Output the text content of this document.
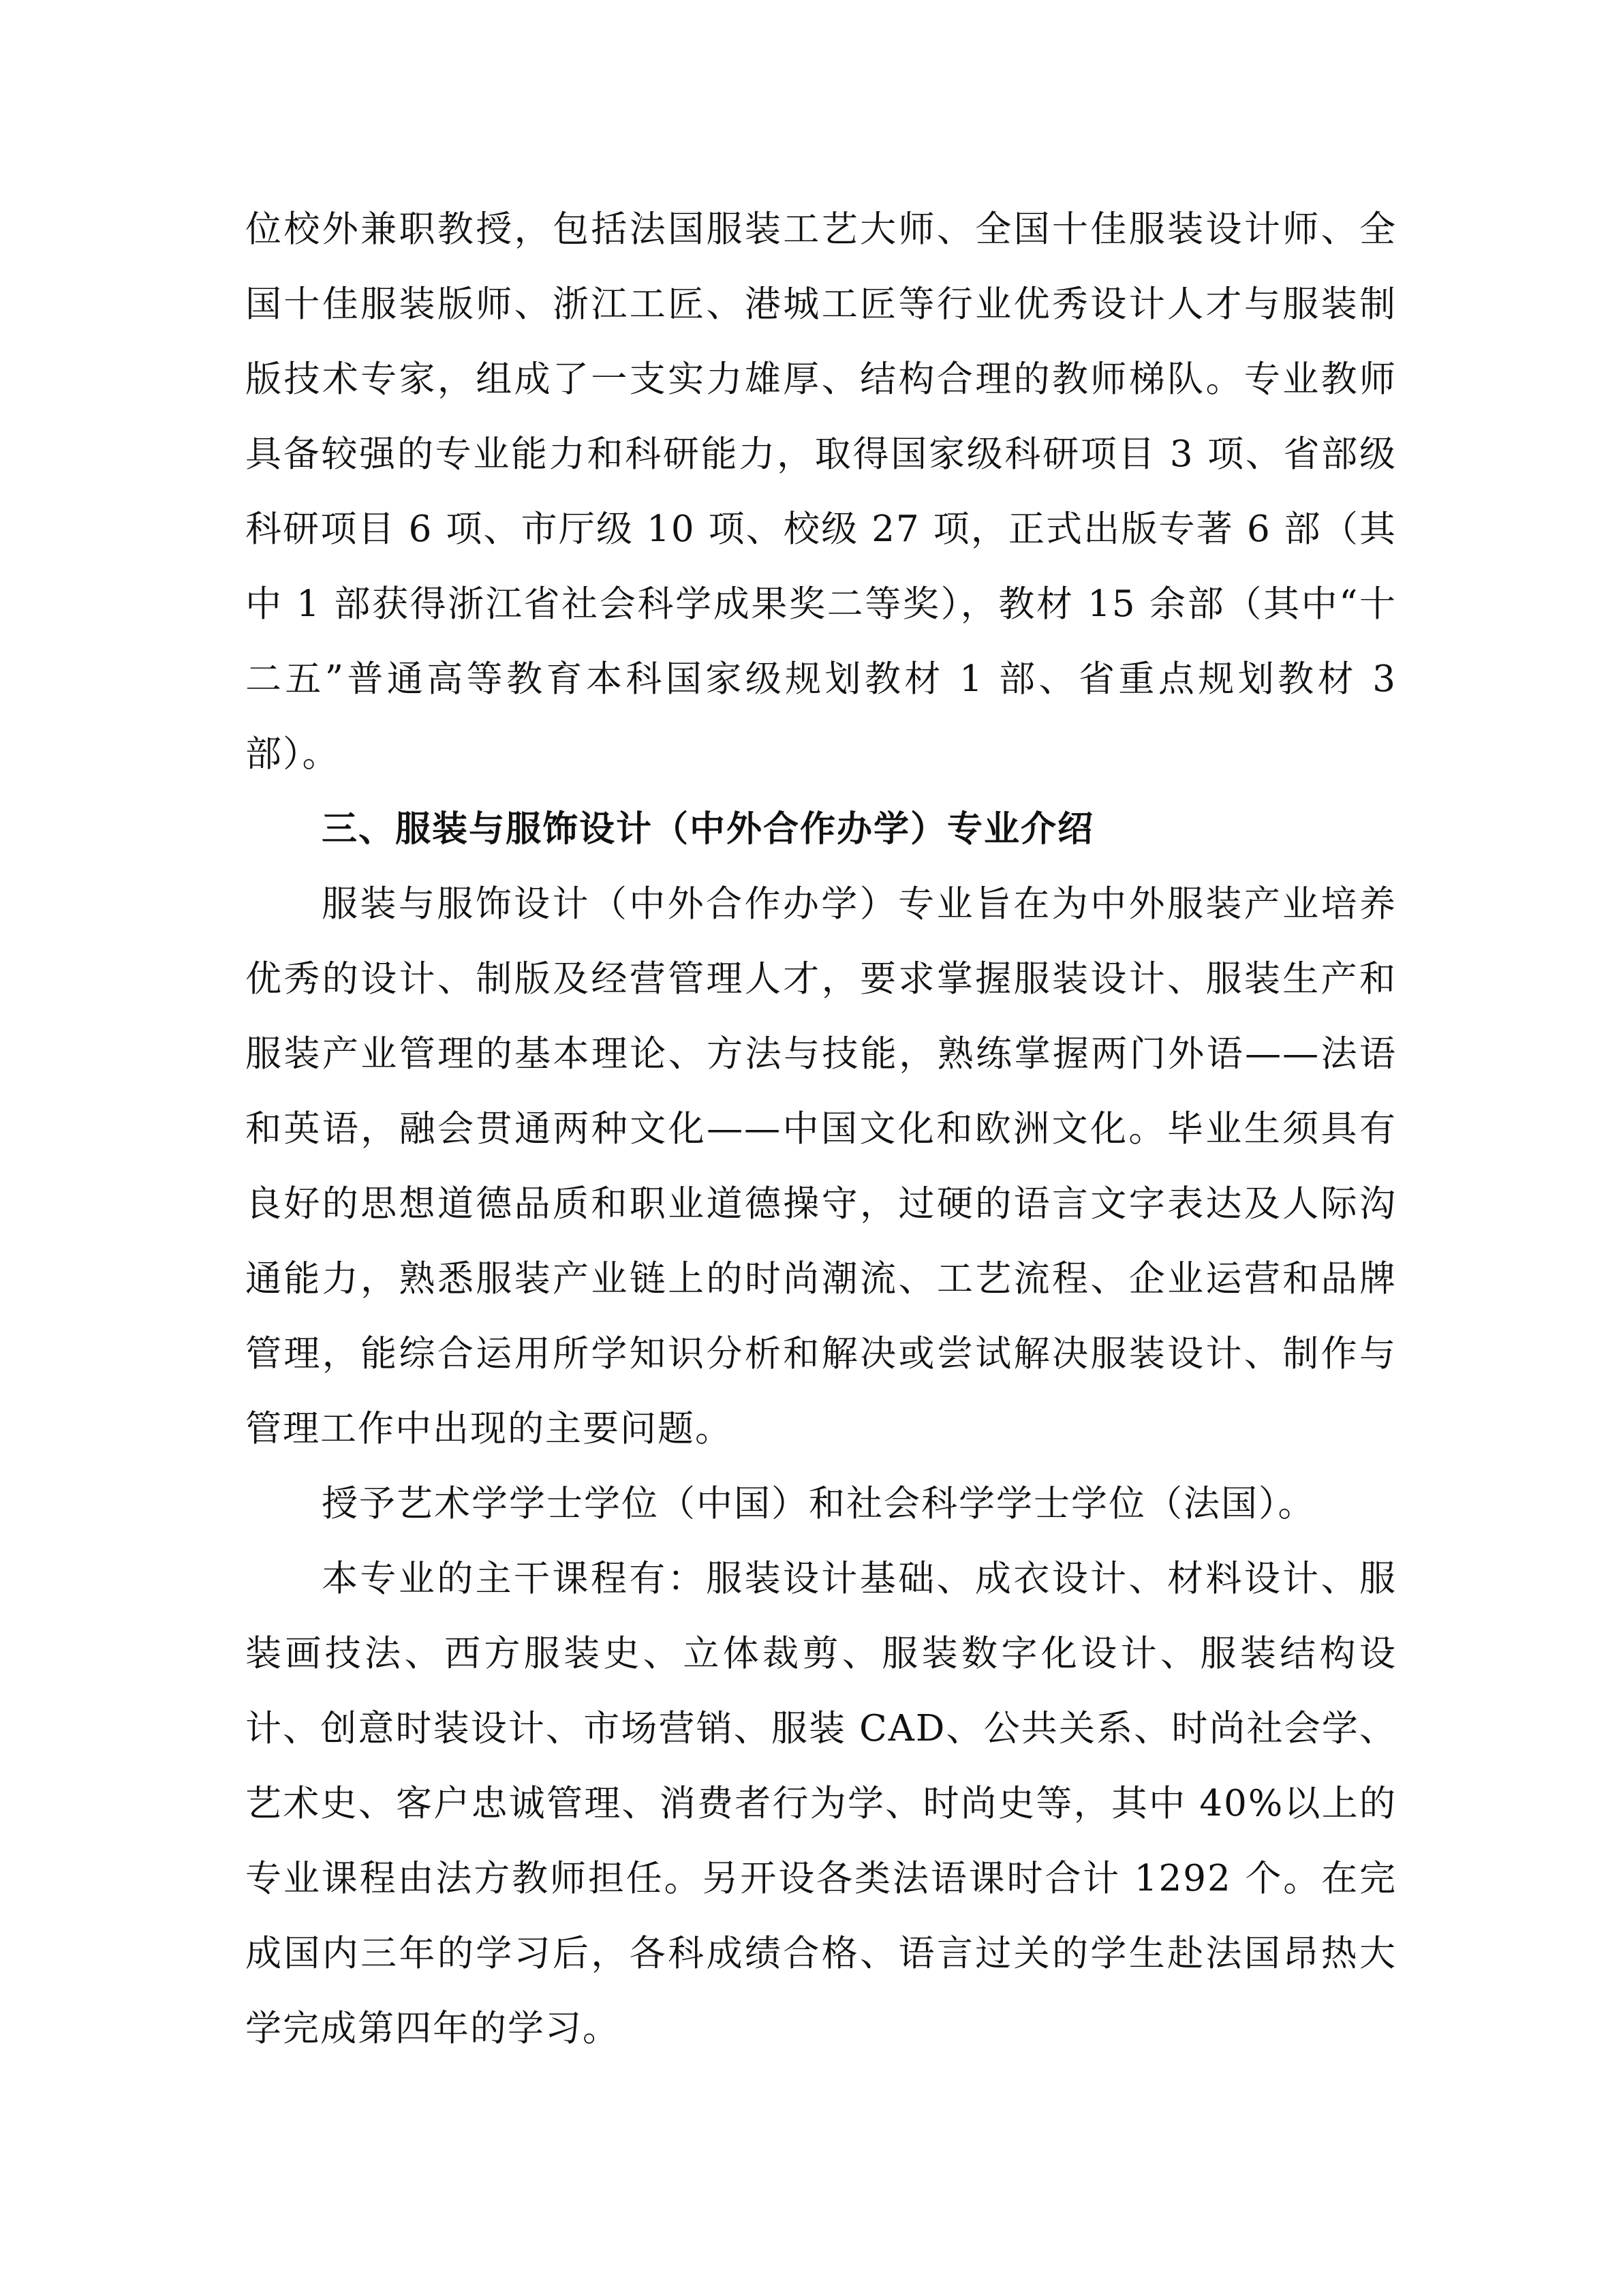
位校外兼职教授，包括法国服装工艺大师、全国十佳服装设计师、全国十佳服装版师、浙江工匠、港城工匠等行业优秀设计人才与服装制版技术专家，组成了一支实力雄厚、结构合理的教师梯队。专业教师具备较强的专业能力和科研能力，取得国家级科研项目 3 项、省部级科研项目 6 项、市厅级 10 项、校级 27 项，正式出版专著 6 部（其中 1 部获得浙江省社会科学成果奖二等奖），教材 15 余部（其中“十二五”普通高等教育本科国家级规划教材 1 部、省重点规划教材 3 部）。

三、服装与服饰设计（中外合作办学）专业介绍

服装与服饰设计（中外合作办学）专业旨在为中外服装产业培养优秀的设计、制版及经营管理人才，要求掌握服装设计、服装生产和服装产业管理的基本理论、方法与技能，熟练掌握两门外语——法语和英语，融会贯通两种文化——中国文化和欧洲文化。毕业生须具有良好的思想道德品质和职业道德操守，过硬的语言文字表达及人际沟通能力，熟悉服装产业链上的时尚潮流、工艺流程、企业运营和品牌管理，能综合运用所学知识分析和解决或尝试解决服装设计、制作与管理工作中出现的主要问题。

授予艺术学学士学位（中国）和社会科学学士学位（法国）。

本专业的主干课程有：服装设计基础、成衣设计、材料设计、服装画技法、西方服装史、立体裁剪、服装数字化设计、服装结构设计、创意时装设计、市场营销、服装 CAD、公共关系、时尚社会学、艺术史、客户忠诚管理、消费者行为学、时尚史等，其中 40%以上的专业课程由法方教师担任。另开设各类法语课时合计 1292 个。在完成国内三年的学习后，各科成绩合格、语言过关的学生赴法国昂热大学完成第四年的学习。
